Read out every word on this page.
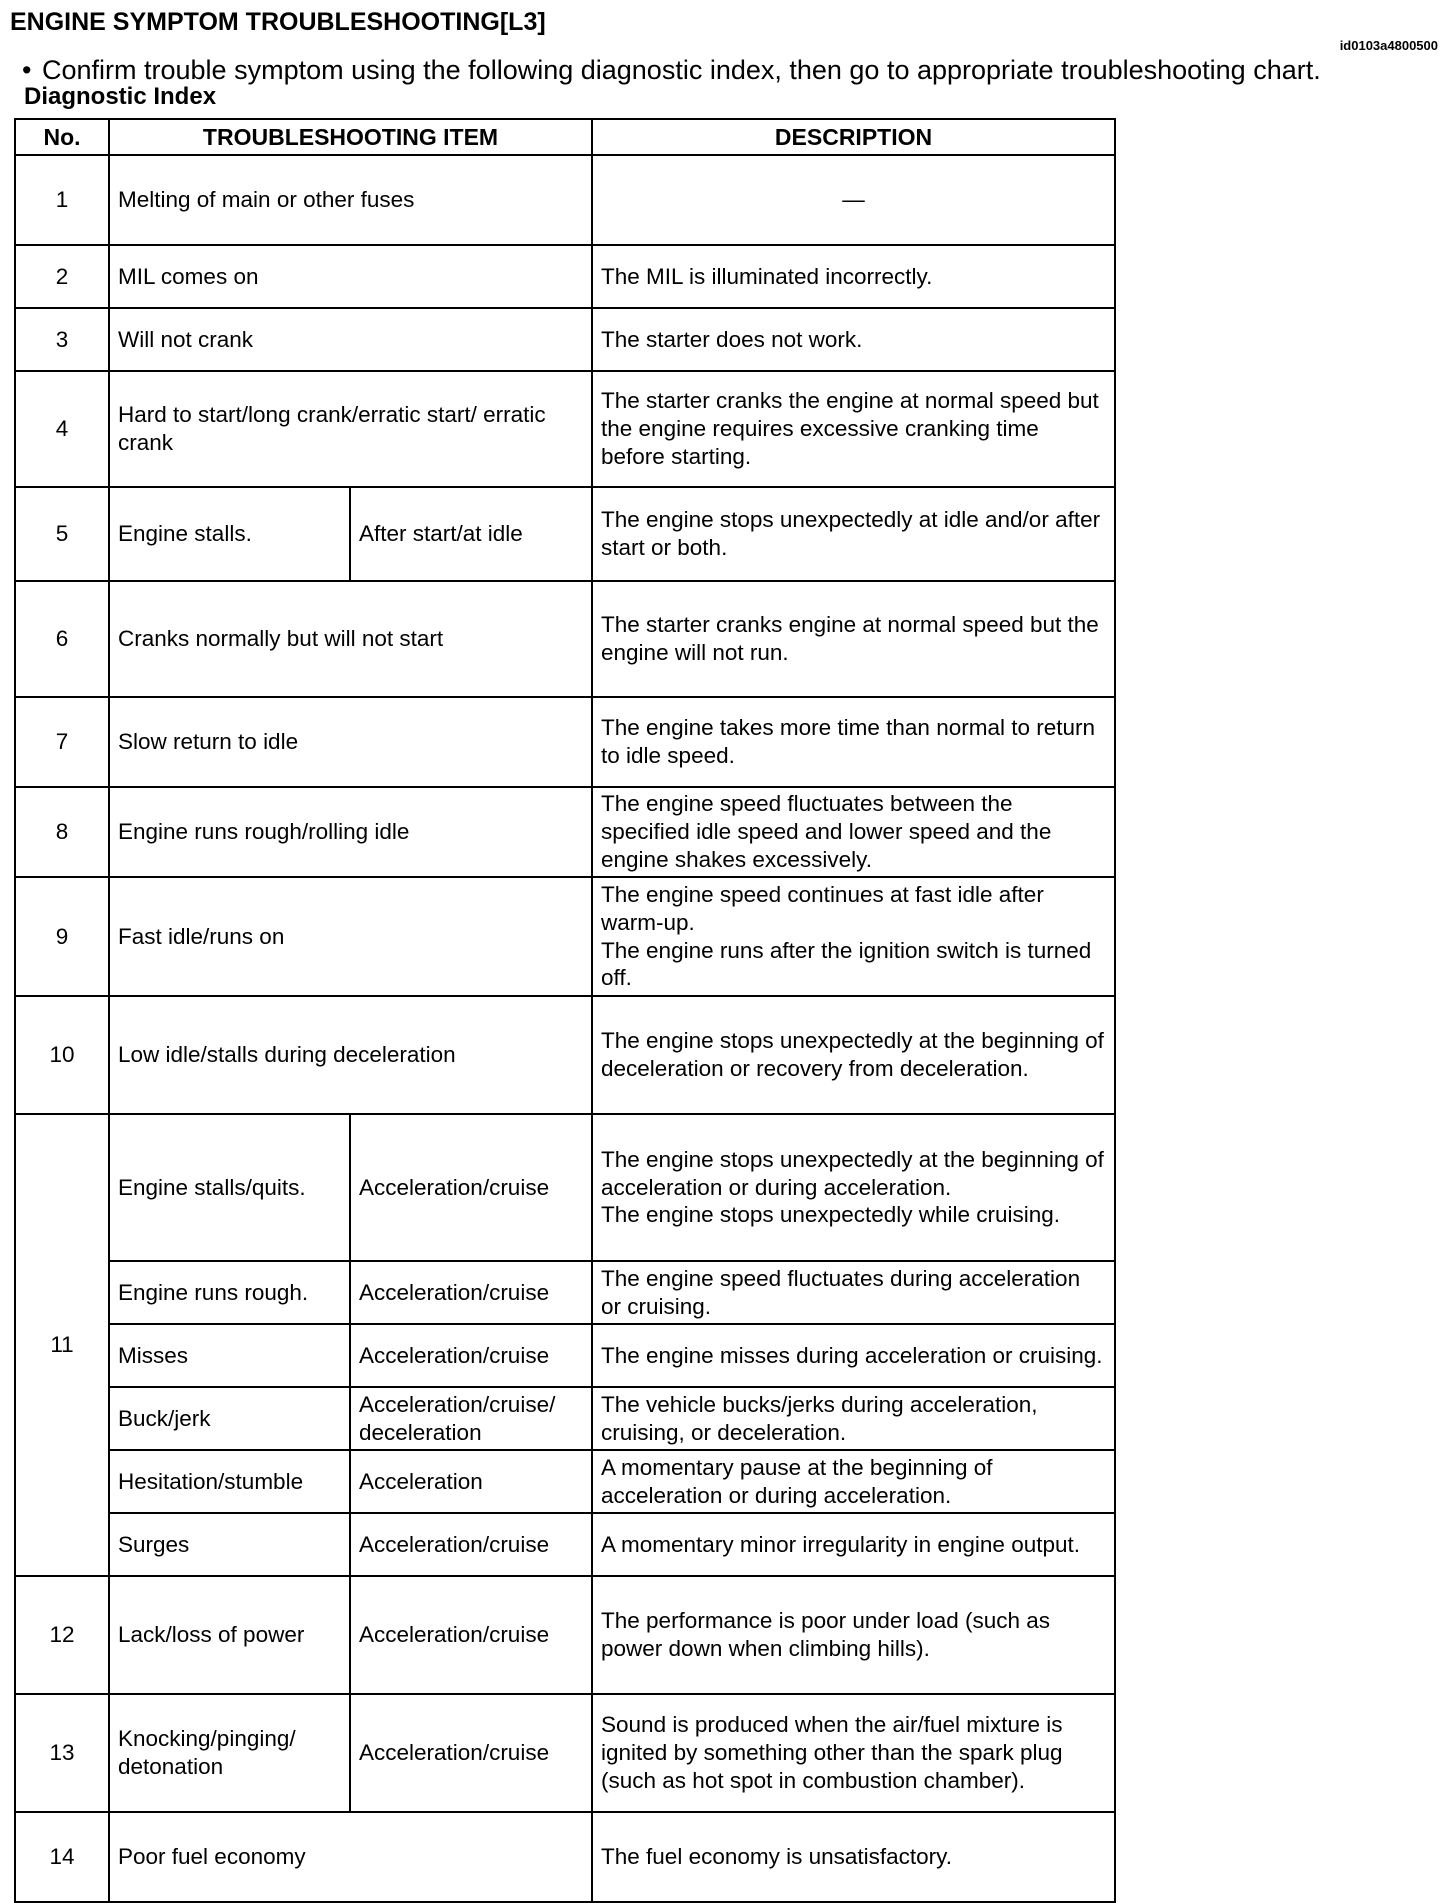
ENGINE SYMPTOM TROUBLESHOOTING[L3]
id0103a4800500
• Confirm trouble symptom using the following diagnostic index, then go to appropriate troubleshooting chart.
Diagnostic Index
No.	TROUBLESHOOTING ITEM		DESCRIPTION
1	Melting of main or other fuses		—
2	MIL comes on		The MIL is illuminated incorrectly.
3	Will not crank		The starter does not work.
4	Hard to start/long crank/erratic start/ erratic crank		The starter cranks the engine at normal speed but the engine requires excessive cranking time before starting.
5	Engine stalls.	After start/at idle	The engine stops unexpectedly at idle and/or after start or both.
6	Cranks normally but will not start		The starter cranks engine at normal speed but the engine will not run.
7	Slow return to idle		The engine takes more time than normal to return to idle speed.
8	Engine runs rough/rolling idle		The engine speed fluctuates between the specified idle speed and lower speed and the engine shakes excessively.
9	Fast idle/runs on		The engine speed continues at fast idle after warm-up.
The engine runs after the ignition switch is turned off.

10	Low idle/stalls during deceleration		The engine stops unexpectedly at the beginning of deceleration or recovery from deceleration.
11	Engine stalls/quits.	Acceleration/cruise	The engine stops unexpectedly at the beginning of acceleration or during acceleration.
The engine stops unexpectedly while cruising.

	Engine runs rough.	Acceleration/cruise	The engine speed fluctuates during acceleration or cruising.
	Misses	Acceleration/cruise	The engine misses during acceleration or cruising.
	Buck/jerk	Acceleration/cruise/ deceleration	The vehicle bucks/jerks during acceleration, cruising, or deceleration.
	Hesitation/stumble	Acceleration	A momentary pause at the beginning of acceleration or during acceleration.
	Surges	Acceleration/cruise	A momentary minor irregularity in engine output.
12	Lack/loss of power	Acceleration/cruise	The performance is poor under load (such as power down when climbing hills).
13	Knocking/pinging/ detonation	Acceleration/cruise	Sound is produced when the air/fuel mixture is ignited by something other than the spark plug (such as hot spot in combustion chamber).
14	Poor fuel economy		The fuel economy is unsatisfactory.
